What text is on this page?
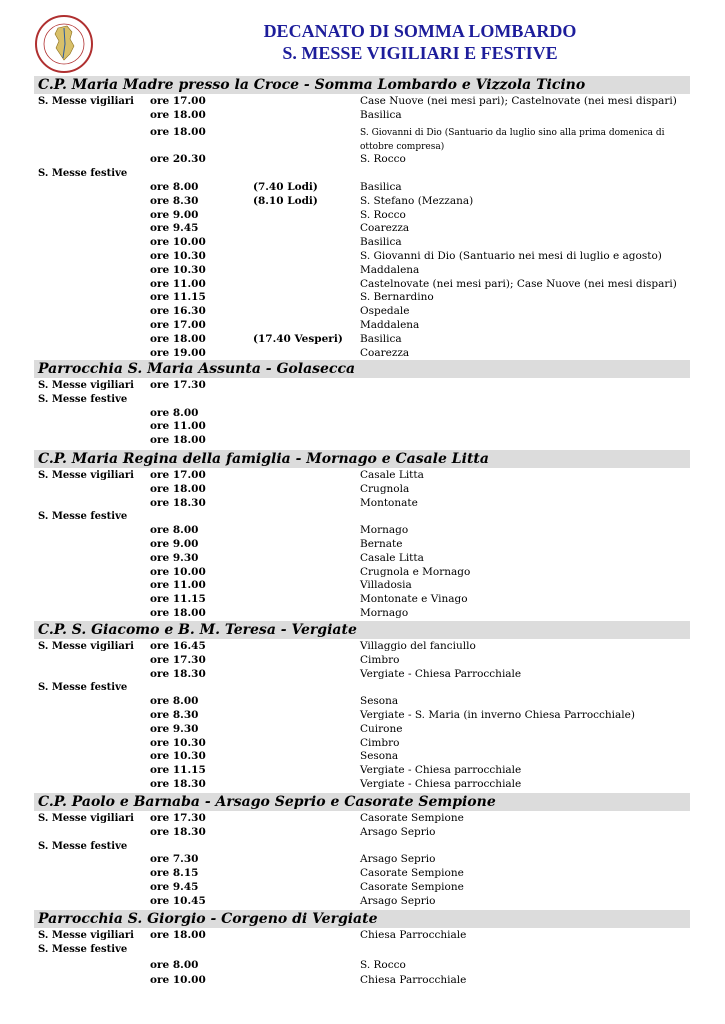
DECANATO DI SOMMA LOMBARDO
S. MESSE VIGILIARI E FESTIVE
C.P. Maria Madre presso la Croce - Somma Lombardo e Vizzola Ticino
S. Messe vigiliari ore 17.00	Case Nuove (nei mesi pari); Castelnovate (nei mesi dispari)
ore 18.00	Basilica
ore 18.00	S. Giovanni di Dio (Santuario da luglio sino alla prima domenica di ottobre compresa)
ore 20.30	S. Rocco
S. Messe festive
ore 8.00	(7.40 Lodi)	Basilica
ore 8.30	(8.10 Lodi)	S. Stefano (Mezzana)
ore 9.00	S. Rocco
ore 9.45	Coarezza
ore 10.00	Basilica
ore 10.30	S. Giovanni di Dio (Santuario nei mesi di luglio e agosto)
ore 10.30	Maddalena
ore 11.00	Castelnovate (nei mesi pari); Case Nuove (nei mesi dispari)
ore 11.15	S. Bernardino
ore 16.30	Ospedale
ore 17.00	Maddalena
ore 18.00	(17.40 Vesperi) Basilica
ore 19.00	Coarezza
Parrocchia S. Maria Assunta - Golasecca
S. Messe vigiliari ore 17.30
S. Messe festive
ore 8.00
ore 11.00
ore 18.00
C.P. Maria Regina della famiglia - Mornago e Casale Litta
S. Messe vigiliari ore 17.00	Casale Litta
ore 18.00	Crugnola
ore 18.30	Montonate
S. Messe festive
ore 8.00	Mornago
ore 9.00	Bernate
ore 9.30	Casale Litta
ore 10.00	Crugnola e Mornago
ore 11.00	Villadosia
ore 11.15	Montonate e Vinago
ore 18.00	Mornago
C.P. S. Giacomo e B. M. Teresa - Vergiate
S. Messe vigiliari ore 16.45	Villaggio del fanciullo
ore 17.30	Cimbro
ore 18.30	Vergiate - Chiesa Parrocchiale
S. Messe festive
ore 8.00	Sesona
ore 8.30	Vergiate - S. Maria (in inverno Chiesa Parrocchiale)
ore 9.30	Cuirone
ore 10.30	Cimbro
ore 10.30	Sesona
ore 11.15	Vergiate - Chiesa parrocchiale
ore 18.30	Vergiate - Chiesa parrocchiale
C.P. Paolo e Barnaba - Arsago Seprio e Casorate Sempione
S. Messe vigiliari ore 17.30	Casorate Sempione
ore 18.30	Arsago Seprio
S. Messe festive
ore 7.30	Arsago Seprio
ore 8.15	Casorate Sempione
ore 9.45	Casorate Sempione
ore 10.45	Arsago Seprio
Parrocchia S. Giorgio - Corgeno di Vergiate
S. Messe vigiliari ore 18.00	Chiesa Parrocchiale
S. Messe festive
ore 8.00	S. Rocco
ore 10.00	Chiesa Parrocchiale
